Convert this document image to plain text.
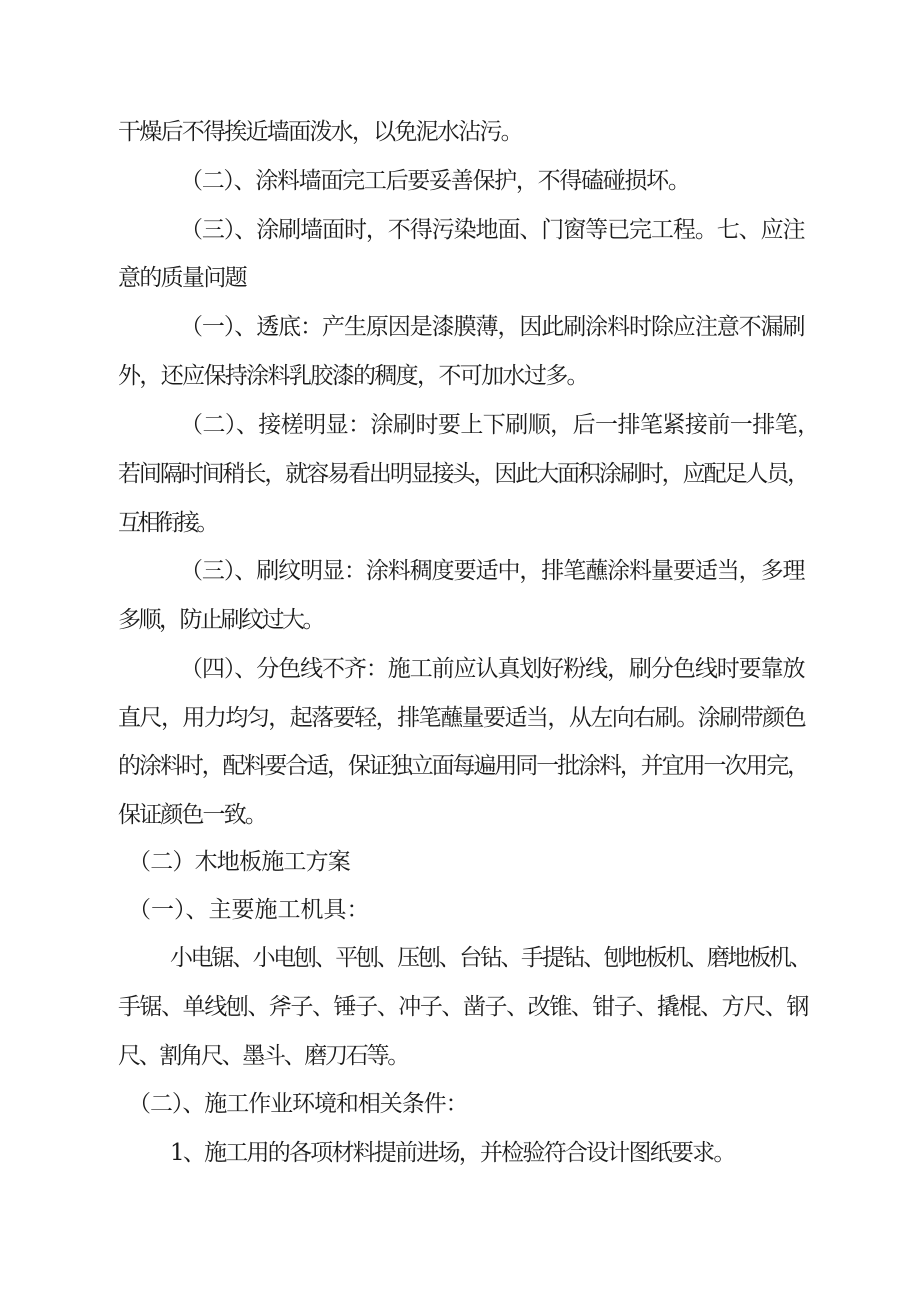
干燥后不得挨近墙面泼水，以免泥水沾污。
（二）、涂料墙面完工后要妥善保护，不得磕碰损坏。
（三）、涂刷墙面时，不得污染地面、门窗等已完工程。七、应注
意的质量问题
（一）、透底：产生原因是漆膜薄，因此刷涂料时除应注意不漏刷
外，还应保持涂料乳胶漆的稠度，不可加水过多。
（二）、接槎明显：涂刷时要上下刷顺，后一排笔紧接前一排笔，
若间隔时间稍长，就容易看出明显接头，因此大面积涂刷时，应配足人员，
互相衔接。
（三）、刷纹明显：涂料稠度要适中，排笔蘸涂料量要适当，多理
多顺，防止刷纹过大。
（四）、分色线不齐：施工前应认真划好粉线，刷分色线时要靠放
直尺，用力均匀，起落要轻，排笔蘸量要适当，从左向右刷。涂刷带颜色
的涂料时，配料要合适，保证独立面每遍用同一批涂料，并宜用一次用完，
保证颜色一致。
（二）木地板施工方案
（一）、主要施工机具：
小电锯、小电刨、平刨、压刨、台钻、手提钻、刨地板机、磨地板机、
手锯、单线刨、斧子、锤子、冲子、凿子、改锥、钳子、撬棍、方尺、钢
尺、割角尺、墨斗、磨刀石等。
（二）、施工作业环境和相关条件：
1、施工用的各项材料提前进场，并检验符合设计图纸要求。
